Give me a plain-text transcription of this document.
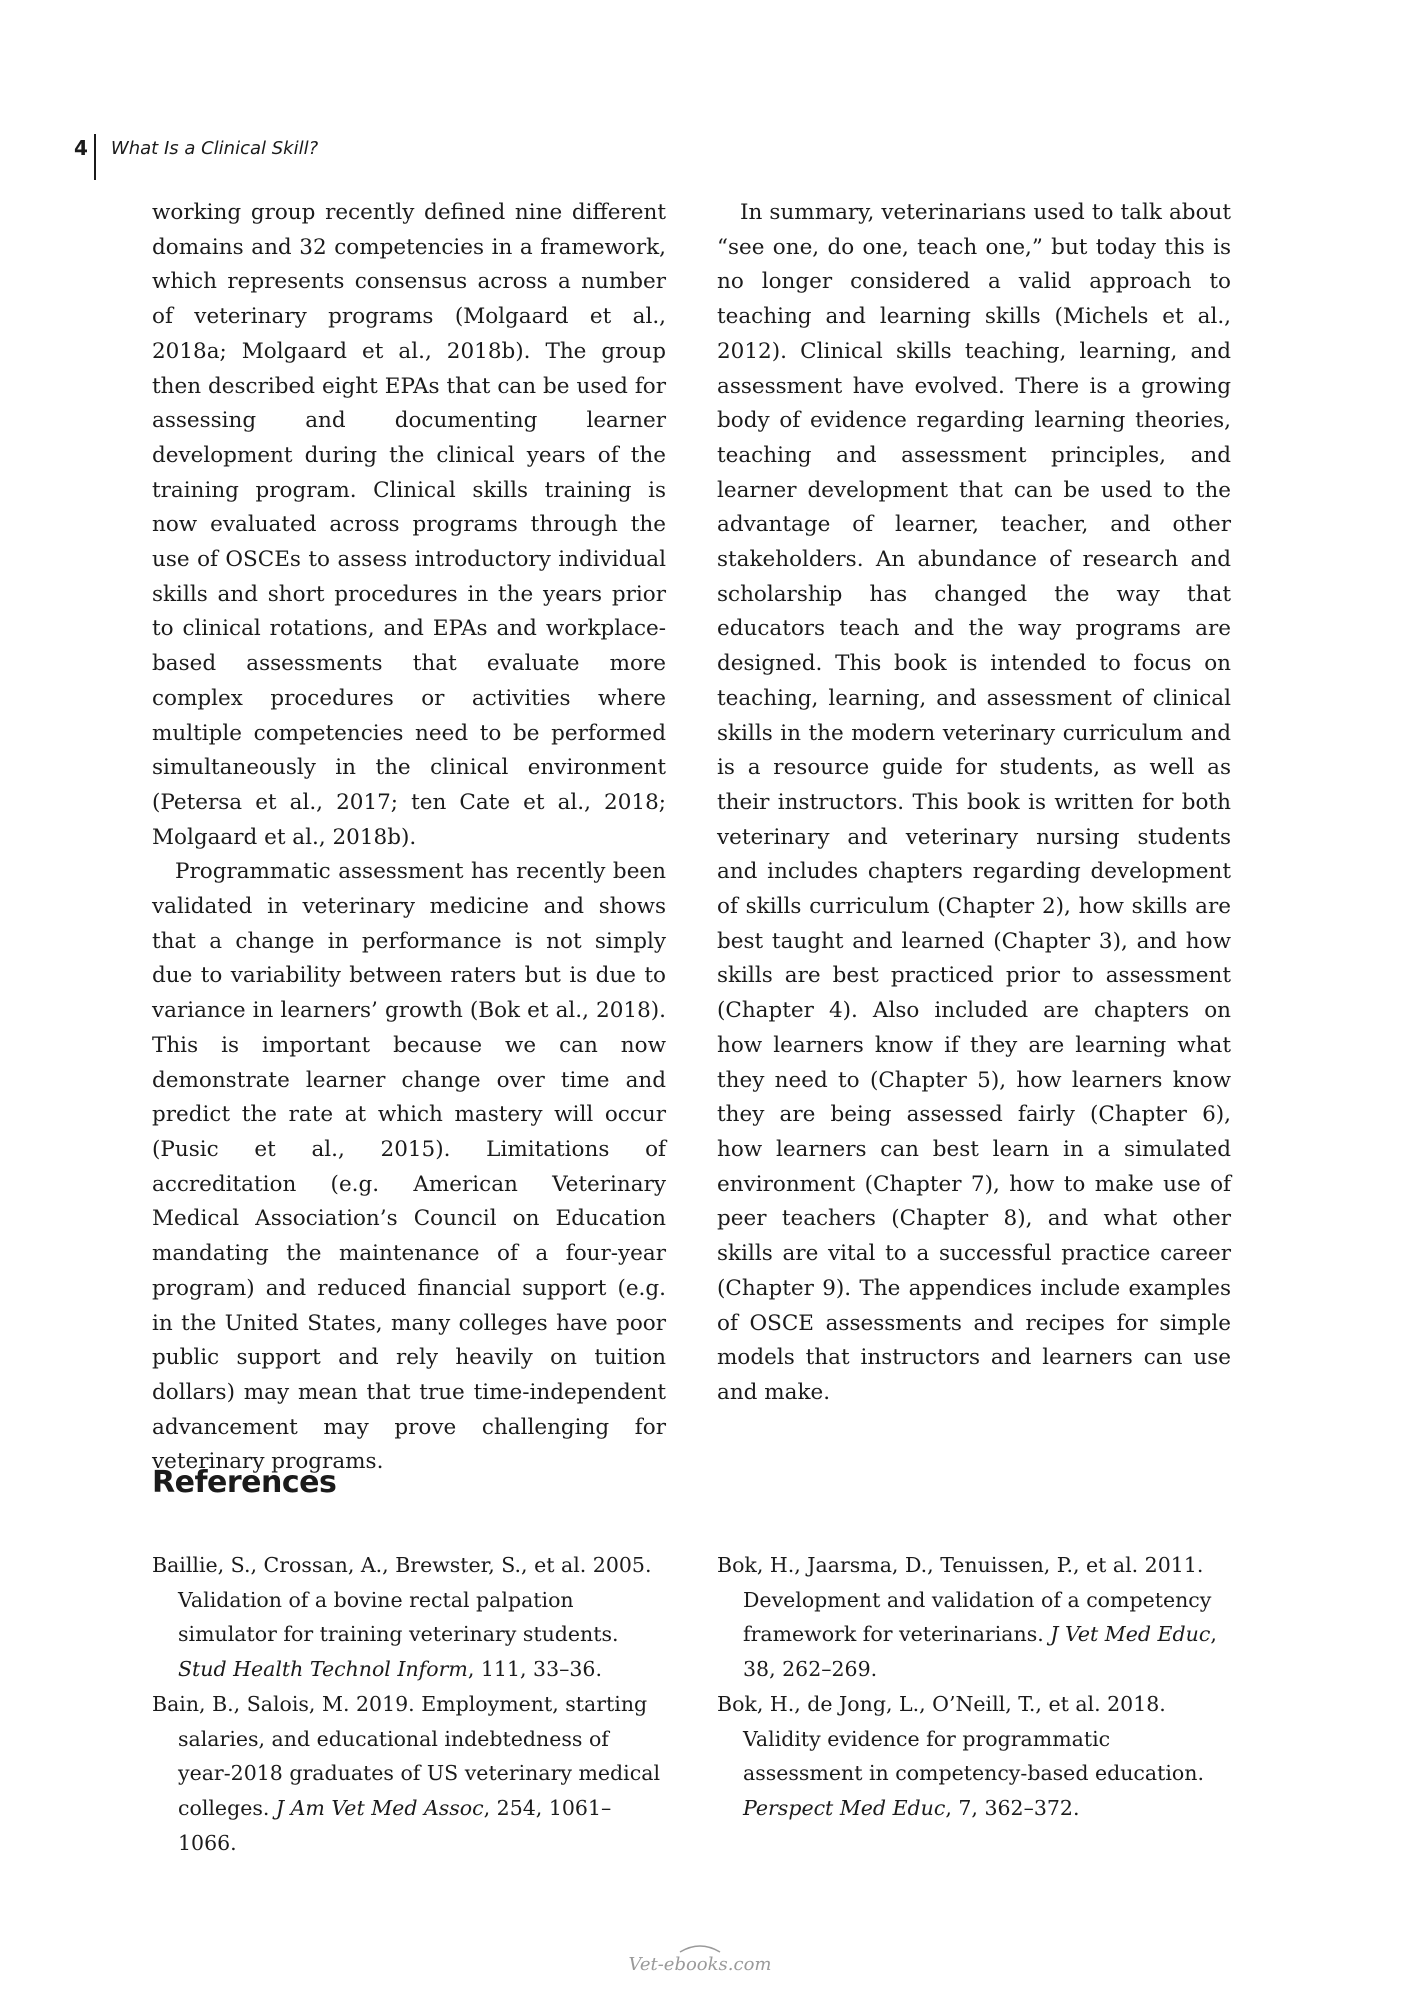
4 What Is a Clinical Skill?

working group recently defined nine different domains and 32 competencies in a framework, which represents consensus across a number of veterinary programs (Molgaard et al., 2018a; Molgaard et al., 2018b). The group then described eight EPAs that can be used for assessing and documenting learner development during the clinical years of the training program. Clinical skills training is now evaluated across programs through the use of OSCEs to assess introductory individual skills and short procedures in the years prior to clinical rotations, and EPAs and workplace-based assessments that evaluate more complex procedures or activities where multiple competencies need to be performed simultaneously in the clinical environment (Petersa et al., 2017; ten Cate et al., 2018; Molgaard et al., 2018b).

Programmatic assessment has recently been validated in veterinary medicine and shows that a change in performance is not simply due to variability between raters but is due to variance in learners’ growth (Bok et al., 2018). This is important because we can now demonstrate learner change over time and predict the rate at which mastery will occur (Pusic et al., 2015). Limitations of accreditation (e.g. American Veterinary Medical Association’s Council on Education mandating the maintenance of a four-year program) and reduced financial support (e.g. in the United States, many colleges have poor public support and rely heavily on tuition dollars) may mean that true time-independent advancement may prove challenging for veterinary programs.

In summary, veterinarians used to talk about “see one, do one, teach one,” but today this is no longer considered a valid approach to teaching and learning skills (Michels et al., 2012). Clinical skills teaching, learning, and assessment have evolved. There is a growing body of evidence regarding learning theories, teaching and assessment principles, and learner development that can be used to the advantage of learner, teacher, and other stakeholders. An abundance of research and scholarship has changed the way that educators teach and the way programs are designed. This book is intended to focus on teaching, learning, and assessment of clinical skills in the modern veterinary curriculum and is a resource guide for students, as well as their instructors. This book is written for both veterinary and veterinary nursing students and includes chapters regarding development of skills curriculum (Chapter 2), how skills are best taught and learned (Chapter 3), and how skills are best practiced prior to assessment (Chapter 4). Also included are chapters on how learners know if they are learning what they need to (Chapter 5), how learners know they are being assessed fairly (Chapter 6), how learners can best learn in a simulated environment (Chapter 7), how to make use of peer teachers (Chapter 8), and what other skills are vital to a successful practice career (Chapter 9). The appendices include examples of OSCE assessments and recipes for simple models that instructors and learners can use and make.

References

Baillie, S., Crossan, A., Brewster, S., et al. 2005. Validation of a bovine rectal palpation simulator for training veterinary students. Stud Health Technol Inform, 111, 33–36.

Bain, B., Salois, M. 2019. Employment, starting salaries, and educational indebtedness of year-2018 graduates of US veterinary medical colleges. J Am Vet Med Assoc, 254, 1061–1066.

Bok, H., Jaarsma, D., Tenuissen, P., et al. 2011. Development and validation of a competency framework for veterinarians. J Vet Med Educ, 38, 262–269.

Bok, H., de Jong, L., O’Neill, T., et al. 2018. Validity evidence for programmatic assessment in competency-based education. Perspect Med Educ, 7, 362–372.

Vet-ebooks.com
